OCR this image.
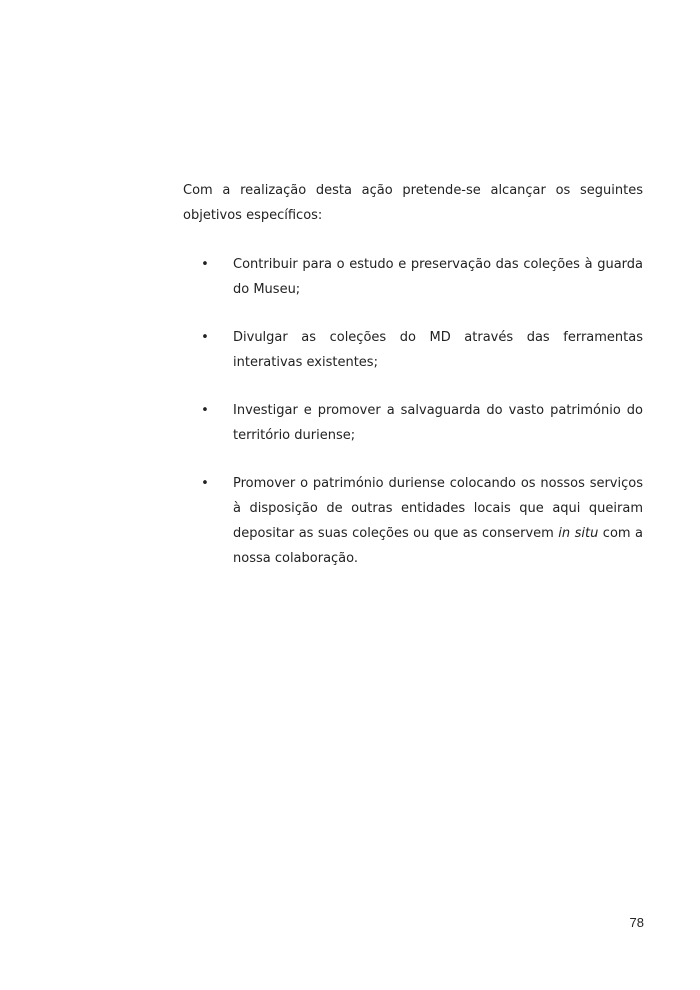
Com a realização desta ação pretende-se alcançar os seguintes objetivos específicos:

• Contribuir para o estudo e preservação das coleções à guarda do Museu;
• Divulgar as coleções do MD através das ferramentas interativas existentes;
• Investigar e promover a salvaguarda do vasto património do território duriense;
• Promover o património duriense colocando os nossos serviços à disposição de outras entidades locais que aqui queiram depositar as suas coleções ou que as conservem in situ com a nossa colaboração.
78
